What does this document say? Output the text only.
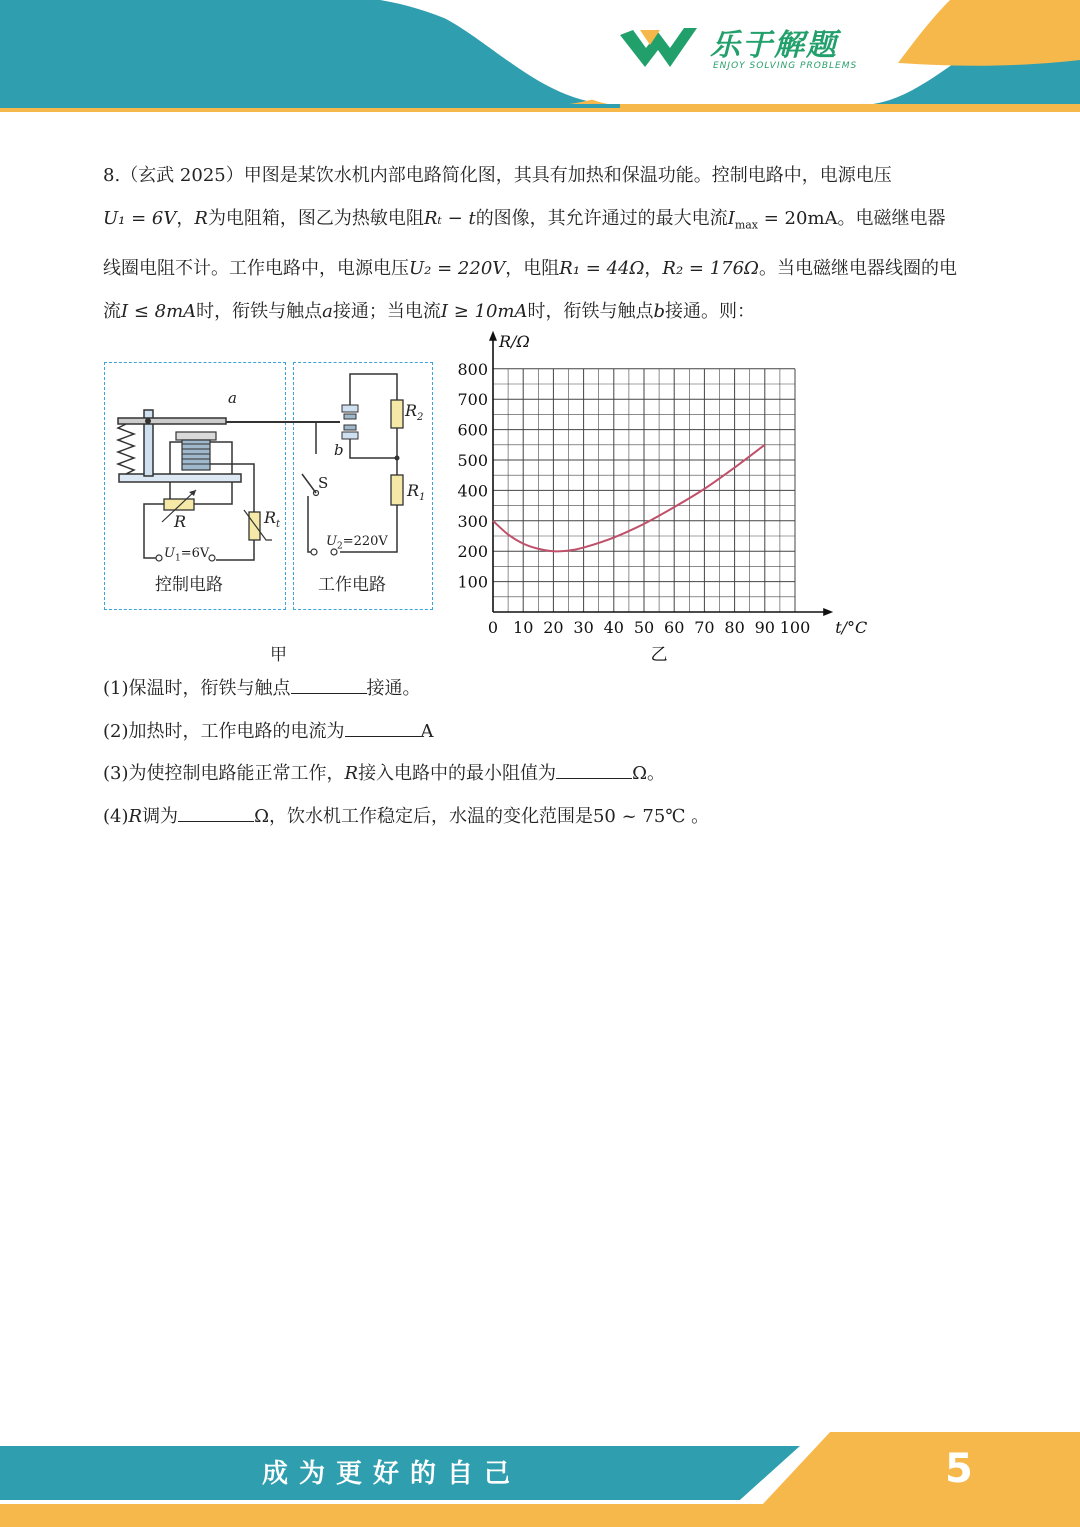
乐于解题
ENJOY SOLVING PROBLEMS

8.（玄武 2025）甲图是某饮水机内部电路简化图，其具有加热和保温功能。控制电路中，电源电压

U₁ = 6V，R为电阻箱，图乙为热敏电阻Rₜ − t的图像，其允许通过的最大电流$I_{max} = 20mA$。电磁继电器

线圈电阻不计。工作电路中，电源电压U₂ = 220V，电阻R₁ = 44Ω，R₂ = 176Ω。当电磁继电器线圈的电

流I ≤ 8mA时，衔铁与触点a接通；当电流I ≥ 10mA时，衔铁与触点b接通。则：

a
b
S
$R_2$
$R_1$
R	$R_t$
$U_1=6V$
$U_2=220V$
控制电路	工作电路
甲
0 10 20 30 40 50 60 70 80 90 100
100
200
300
400
500
600
700
800
R/Ω
t/°C
乙
(1)保温时，衔铁与触点	接通。
(2)加热时，工作电路的电流为	A
(3)为使控制电路能正常工作，R接入电路中的最小阻值为	Ω。
(4)R调为	Ω，饮水机工作稳定后，水温的变化范围是50 ~ 75℃ 。
成为更好的自己	5
